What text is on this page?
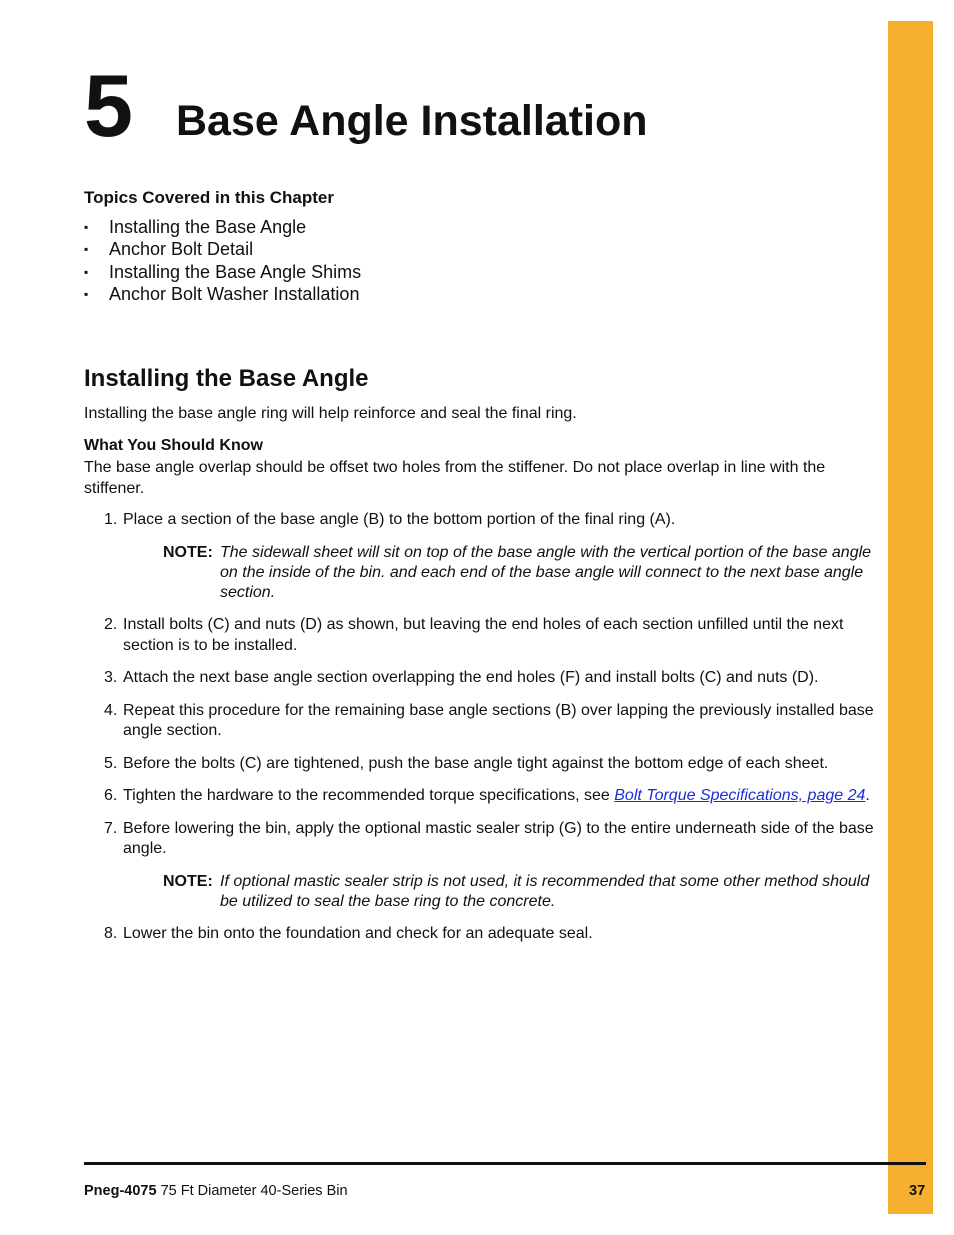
5 Base Angle Installation
Topics Covered in this Chapter
▪ Installing the Base Angle
▪ Anchor Bolt Detail
▪ Installing the Base Angle Shims
▪ Anchor Bolt Washer Installation
Installing the Base Angle

Installing the base angle ring will help reinforce and seal the final ring.

What You Should Know

The base angle overlap should be offset two holes from the stiffener. Do not place overlap in line with the stiffener.

1. Place a section of the base angle (B) to the bottom portion of the final ring (A).
NOTE: The sidewall sheet will sit on top of the base angle with the vertical portion of the base angle on the inside of the bin. and each end of the base angle will connect to the next base angle section.
2. Install bolts (C) and nuts (D) as shown, but leaving the end holes of each section unfilled until the next section is to be installed.
3. Attach the next base angle section overlapping the end holes (F) and install bolts (C) and nuts (D).
4. Repeat this procedure for the remaining base angle sections (B) over lapping the previously installed base angle section.
5. Before the bolts (C) are tightened, push the base angle tight against the bottom edge of each sheet.
6. Tighten the hardware to the recommended torque specifications, see Bolt Torque Specifications, page 24.
7. Before lowering the bin, apply the optional mastic sealer strip (G) to the entire underneath side of the base angle.
NOTE: If optional mastic sealer strip is not used, it is recommended that some other method should be utilized to seal the base ring to the concrete.
8. Lower the bin onto the foundation and check for an adequate seal.
Pneg-4075 75 Ft Diameter 40-Series Bin	37
